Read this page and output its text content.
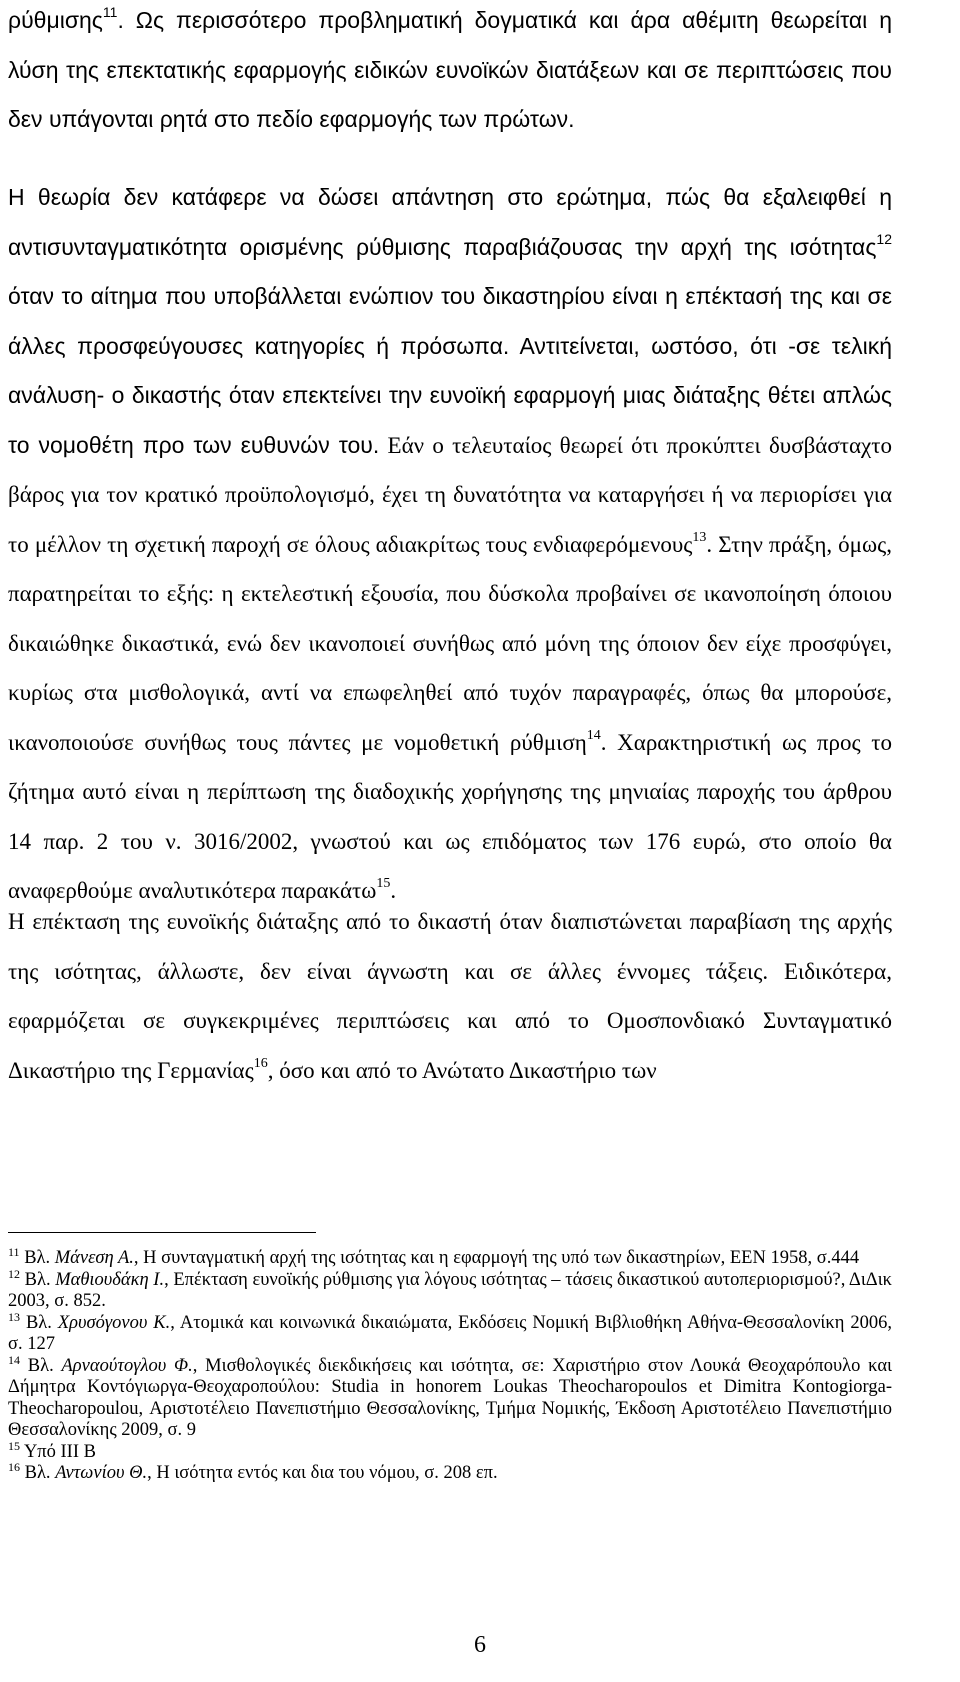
ρύθμισης$^{11}$. Ως περισσότερο προβληματική δογματικά και άρα αθέμιτη θεωρείται η λύση της επεκτατικής εφαρμογής ειδικών ευνοϊκών διατάξεων και σε περιπτώσεις που δεν υπάγονται ρητά στο πεδίο εφαρμογής των πρώτων.

Η θεωρία δεν κατάφερε να δώσει απάντηση στο ερώτημα, πώς θα εξαλειφθεί η αντισυνταγματικότητα ορισμένης ρύθμισης παραβιάζουσας την αρχή της ισότητας$^{12}$ όταν το αίτημα που υποβάλλεται ενώπιον του δικαστηρίου είναι η επέκτασή της και σε άλλες προσφεύγουσες κατηγορίες ή πρόσωπα. Αντιτείνεται, ωστόσο, ότι -σε τελική ανάλυση- ο δικαστής όταν επεκτείνει την ευνοϊκή εφαρμογή μιας διάταξης θέτει απλώς το νομοθέτη προ των ευθυνών του. Εάν ο τελευταίος θεωρεί ότι προκύπτει δυσβάσταχτο βάρος για τον κρατικό προϋπολογισμό, έχει τη δυνατότητα να καταργήσει ή να περιορίσει για το μέλλον τη σχετική παροχή σε όλους αδιακρίτως τους ενδιαφερόμενους$^{13}$. Στην πράξη, όμως, παρατηρείται το εξής: η εκτελεστική εξουσία, που δύσκολα προβαίνει σε ικανοποίηση όποιου δικαιώθηκε δικαστικά, ενώ δεν ικανοποιεί συνήθως από μόνη της όποιον δεν είχε προσφύγει, κυρίως στα μισθολογικά, αντί να επωφεληθεί από τυχόν παραγραφές, όπως θα μπορούσε, ικανοποιούσε συνήθως τους πάντες με νομοθετική ρύθμιση$^{14}$. Χαρακτηριστική ως προς το ζήτημα αυτό είναι η περίπτωση της διαδοχικής χορήγησης της μηνιαίας παροχής του άρθρου 14 παρ. 2 του ν. 3016/2002, γνωστού και ως επιδόματος των 176 ευρώ, στο οποίο θα αναφερθούμε αναλυτικότερα παρακάτω$^{15}$.

Η επέκταση της ευνοϊκής διάταξης από το δικαστή όταν διαπιστώνεται παραβίαση της αρχής της ισότητας, άλλωστε, δεν είναι άγνωστη και σε άλλες έννομες τάξεις. Ειδικότερα, εφαρμόζεται σε συγκεκριμένες περιπτώσεις και από το Ομοσπονδιακό Συνταγματικό Δικαστήριο της Γερμανίας$^{16}$, όσο και από το Ανώτατο Δικαστήριο των

$^{11}$ Βλ. Μάνεση Α., Η συνταγματική αρχή της ισότητας και η εφαρμογή της υπό των δικαστηρίων, ΕΕΝ 1958, σ.444

$^{12}$ Βλ. Μαθιουδάκη Ι., Επέκταση ευνοϊκής ρύθμισης για λόγους ισότητας – τάσεις δικαστικού αυτοπεριορισμού?, ΔιΔικ 2003, σ. 852.

$^{13}$ Βλ. Χρυσόγονου Κ., Ατομικά και κοινωνικά δικαιώματα, Εκδόσεις Νομική Βιβλιοθήκη Αθήνα-Θεσσαλονίκη 2006, σ. 127

$^{14}$ Βλ. Αρναούτογλου Φ., Μισθολογικές διεκδικήσεις και ισότητα, σε: Χαριστήριο στον Λουκά Θεοχαρόπουλο και Δήμητρα Κοντόγιωργα-Θεοχαροπούλου: Studia in honorem Loukas Theocharopoulos et Dimitra Kontogiorga-Theocharopoulou, Αριστοτέλειο Πανεπιστήμιο Θεσσαλονίκης, Τμήμα Νομικής, Έκδοση Αριστοτέλειο Πανεπιστήμιο Θεσσαλονίκης 2009, σ. 9

$^{15}$ Υπό ΙΙΙ Β

$^{16}$ Βλ. Αντωνίου Θ., Η ισότητα εντός και δια του νόμου, σ. 208 επ.

6
